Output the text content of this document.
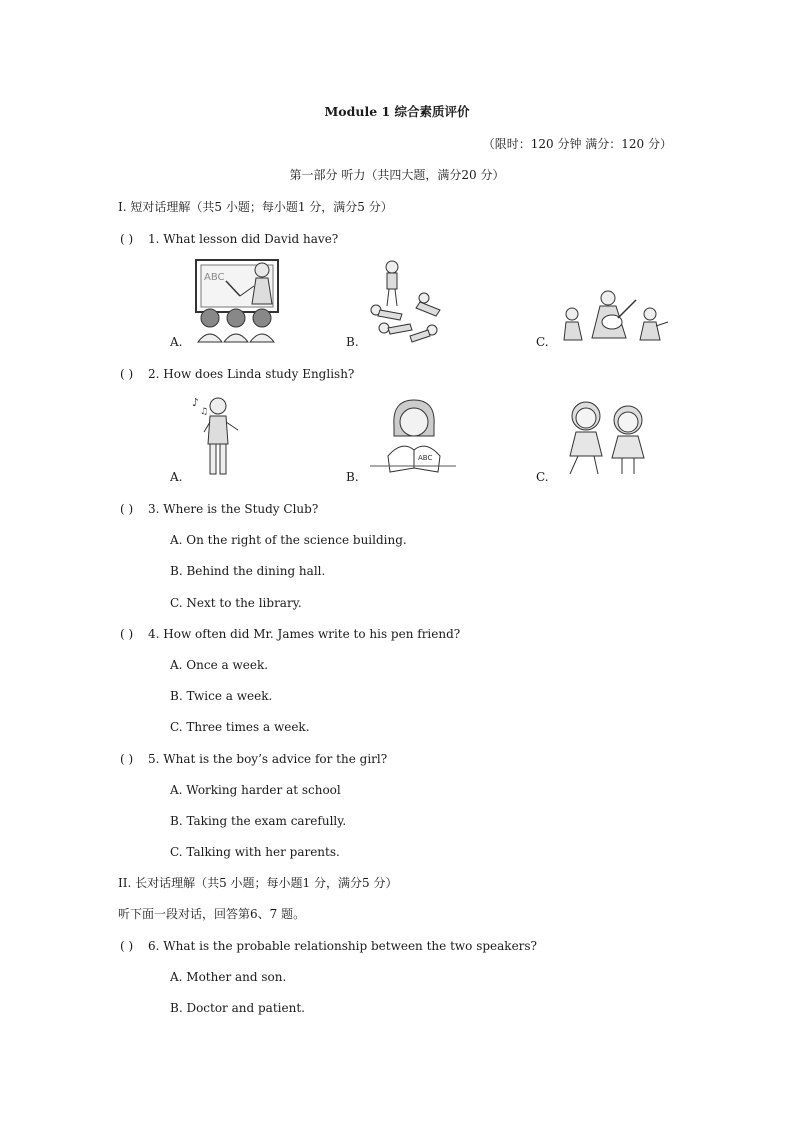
Module 1 综合素质评价
（限时：120 分钟 满分：120 分）
第一部分 听力（共四大题，满分20 分）
I. 短对话理解（共5 小题；每小题1 分，满分5 分）
( ) 1. What lesson did David have?
ABC
A.	B.	C.
( ) 2. How does Linda study English?
♪
♫
A.
ABC
B.	C.
( ) 3. Where is the Study Club?
A. On the right of the science building.
B. Behind the dining hall.
C. Next to the library.
( ) 4. How often did Mr. James write to his pen friend?
A. Once a week.
B. Twice a week.
C. Three times a week.
( ) 5. What is the boy’s advice for the girl?
A. Working harder at school
B. Taking the exam carefully.
C. Talking with her parents.
II. 长对话理解（共5 小题；每小题1 分，满分5 分）
听下面一段对话，回答第6、7 题。
( ) 6. What is the probable relationship between the two speakers?
A. Mother and son.
B. Doctor and patient.
